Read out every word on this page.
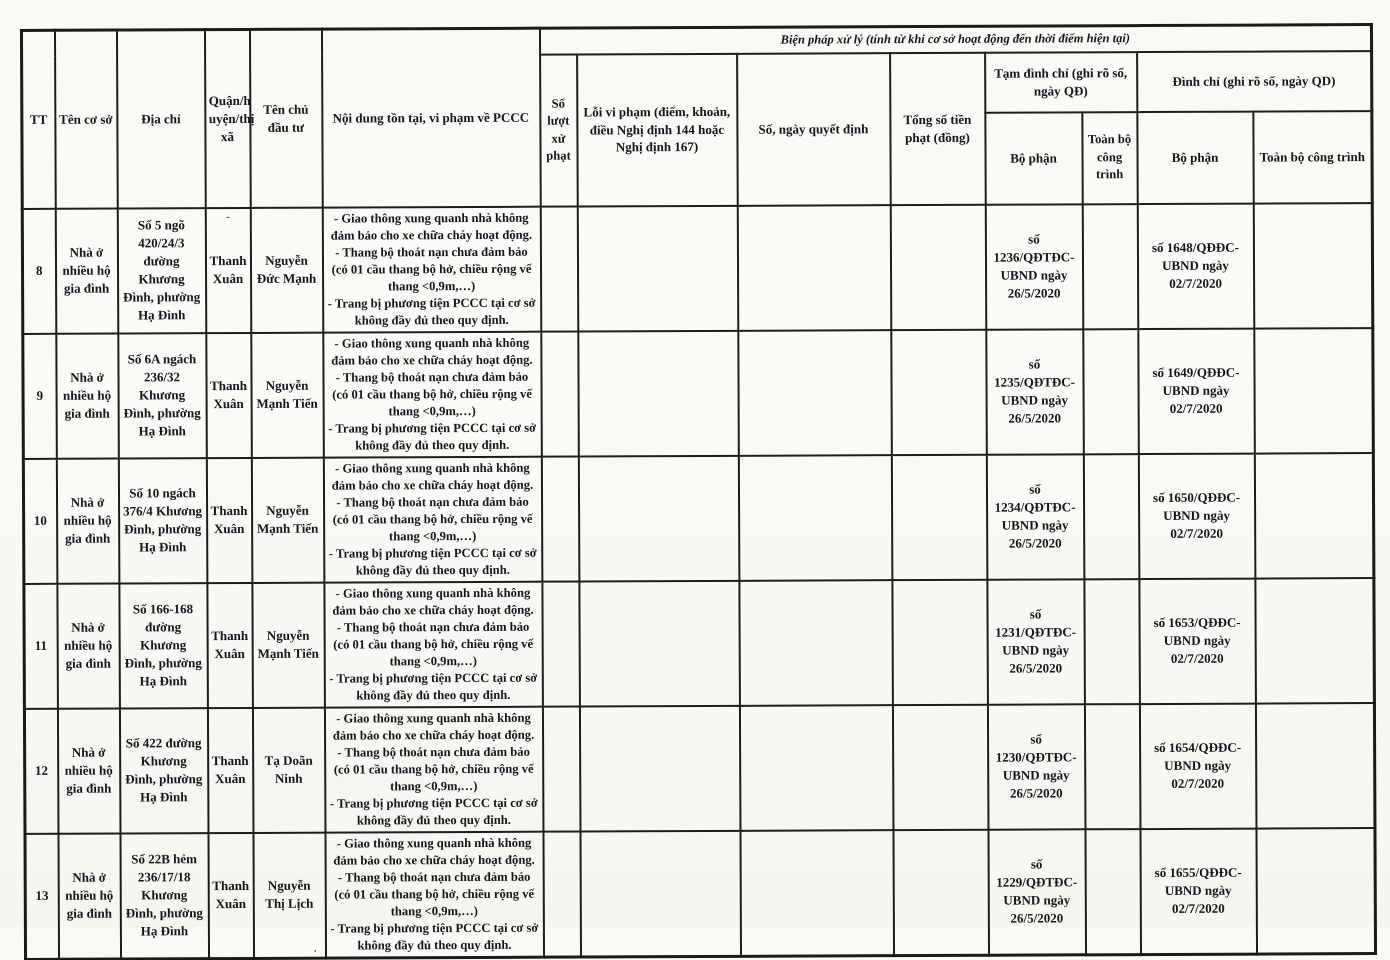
TT	Tên cơ sở	Địa chỉ	Quận/h
uyện/thị
xã	Tên chủ đầu tư	Nội dung tồn tại, vi phạm về PCCC	Biện pháp xử lý (tính từ khi cơ sở hoạt động đến thời điểm hiện tại)							
						Số lượt xử phạt	Lỗi vi phạm (điểm, khoản, điều Nghị định 144 hoặc Nghị định 167)	Số, ngày quyết định	Tổng số tiền phạt (đồng)	Tạm đình chỉ (ghi rõ số, ngày QĐ)		Đình chỉ (ghi rõ số, ngày QD)	
										Bộ phận	Toàn bộ công trình	Bộ phận	Toàn bộ công trình
8	Nhà ở nhiều hộ gia đình	Số 5 ngõ 420/24/3 đường Khương Đình, phường Hạ Đình	-
Thanh Xuân	Nguyễn Đức Mạnh	- Giao thông xung quanh nhà không đảm bảo cho xe chữa cháy hoạt động.
- Thang bộ thoát nạn chưa đảm bảo (có 01 cầu thang bộ hở, chiều rộng vế thang <0,9m,…)
- Trang bị phương tiện PCCC tại cơ sở không đầy đủ theo quy định.					số 1236/QĐTĐC-UBND ngày 26/5/2020		số 1648/QĐĐC-UBND ngày 02/7/2020	
9	Nhà ở nhiều hộ gia đình	Số 6A ngách 236/32 Khương Đình, phường Hạ Đình	Thanh Xuân	Nguyễn Mạnh Tiến	- Giao thông xung quanh nhà không đảm bảo cho xe chữa cháy hoạt động.
- Thang bộ thoát nạn chưa đảm bảo (có 01 cầu thang bộ hở, chiều rộng vế thang <0,9m,…)
- Trang bị phương tiện PCCC tại cơ sở không đầy đủ theo quy định.					số 1235/QĐTĐC-UBND ngày 26/5/2020		số 1649/QĐĐC-UBND ngày 02/7/2020	
10	Nhà ở nhiều hộ gia đình	Số 10 ngách 376/4 Khương Đình, phường Hạ Đình	Thanh Xuân	Nguyễn Mạnh Tiến	- Giao thông xung quanh nhà không đảm bảo cho xe chữa cháy hoạt động.
- Thang bộ thoát nạn chưa đảm bảo (có 01 cầu thang bộ hở, chiều rộng vế thang <0,9m,…)
- Trang bị phương tiện PCCC tại cơ sở không đầy đủ theo quy định.					số 1234/QĐTĐC-UBND ngày 26/5/2020		số 1650/QĐĐC-UBND ngày 02/7/2020	
11	Nhà ở nhiều hộ gia đình	Số 166-168 đường Khương Đình, phường Hạ Đình	Thanh Xuân	Nguyễn Mạnh Tiến	- Giao thông xung quanh nhà không đảm bảo cho xe chữa cháy hoạt động.
- Thang bộ thoát nạn chưa đảm bảo (có 01 cầu thang bộ hở, chiều rộng vế thang <0,9m,…)
- Trang bị phương tiện PCCC tại cơ sở không đầy đủ theo quy định.					số 1231/QĐTĐC-UBND ngày 26/5/2020		số 1653/QĐĐC-UBND ngày 02/7/2020	
12	Nhà ở nhiều hộ gia đình	Số 422 đường Khương Đình, phường Hạ Đình	Thanh Xuân	Tạ Doãn Ninh	- Giao thông xung quanh nhà không đảm bảo cho xe chữa cháy hoạt động.
- Thang bộ thoát nạn chưa đảm bảo (có 01 cầu thang bộ hở, chiều rộng vế thang <0,9m,…)
- Trang bị phương tiện PCCC tại cơ sở không đầy đủ theo quy định.					số 1230/QĐTĐC-UBND ngày 26/5/2020		số 1654/QĐĐC-UBND ngày 02/7/2020	
13	Nhà ở nhiều hộ gia đình	Số 22B hẻm 236/17/18 Khương Đình, phường Hạ Đình	Thanh Xuân	Nguyễn Thị Lịch
.	- Giao thông xung quanh nhà không đảm bảo cho xe chữa cháy hoạt động.
- Thang bộ thoát nạn chưa đảm bảo (có 01 cầu thang bộ hở, chiều rộng vế thang <0,9m,…)
- Trang bị phương tiện PCCC tại cơ sở không đầy đủ theo quy định.					số 1229/QĐTĐC-UBND ngày 26/5/2020		số 1655/QĐĐC-UBND ngày 02/7/2020	
